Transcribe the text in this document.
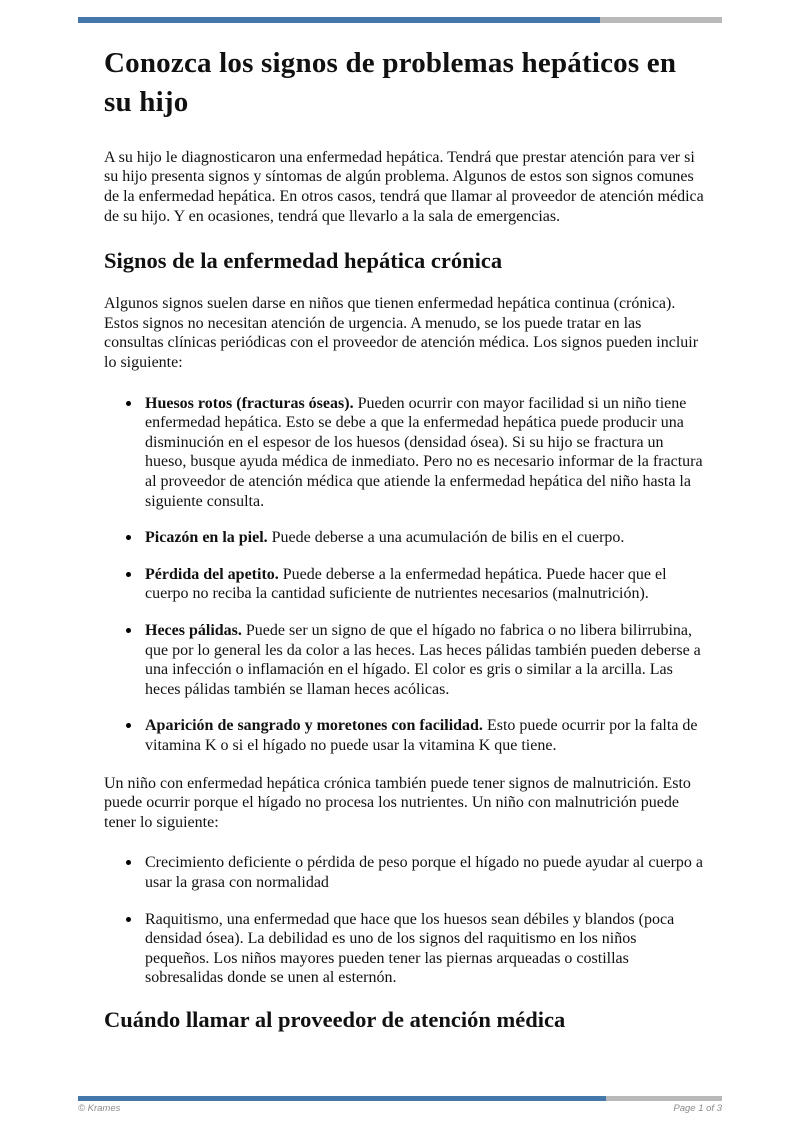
Conozca los signos de problemas hepáticos en su hijo

A su hijo le diagnosticaron una enfermedad hepática. Tendrá que prestar atención para ver si su hijo presenta signos y síntomas de algún problema. Algunos de estos son signos comunes de la enfermedad hepática. En otros casos, tendrá que llamar al proveedor de atención médica de su hijo. Y en ocasiones, tendrá que llevarlo a la sala de emergencias.

Signos de la enfermedad hepática crónica

Algunos signos suelen darse en niños que tienen enfermedad hepática continua (crónica). Estos signos no necesitan atención de urgencia. A menudo, se los puede tratar en las consultas clínicas periódicas con el proveedor de atención médica. Los signos pueden incluir lo siguiente:

Huesos rotos (fracturas óseas). Pueden ocurrir con mayor facilidad si un niño tiene enfermedad hepática. Esto se debe a que la enfermedad hepática puede producir una disminución en el espesor de los huesos (densidad ósea). Si su hijo se fractura un hueso, busque ayuda médica de inmediato. Pero no es necesario informar de la fractura al proveedor de atención médica que atiende la enfermedad hepática del niño hasta la siguiente consulta.
Picazón en la piel. Puede deberse a una acumulación de bilis en el cuerpo.
Pérdida del apetito. Puede deberse a la enfermedad hepática. Puede hacer que el cuerpo no reciba la cantidad suficiente de nutrientes necesarios (malnutrición).
Heces pálidas. Puede ser un signo de que el hígado no fabrica o no libera bilirrubina, que por lo general les da color a las heces. Las heces pálidas también pueden deberse a una infección o inflamación en el hígado. El color es gris o similar a la arcilla. Las heces pálidas también se llaman heces acólicas.
Aparición de sangrado y moretones con facilidad. Esto puede ocurrir por la falta de vitamina K o si el hígado no puede usar la vitamina K que tiene.

Un niño con enfermedad hepática crónica también puede tener signos de malnutrición. Esto puede ocurrir porque el hígado no procesa los nutrientes. Un niño con malnutrición puede tener lo siguiente:

Crecimiento deficiente o pérdida de peso porque el hígado no puede ayudar al cuerpo a usar la grasa con normalidad
Raquitismo, una enfermedad que hace que los huesos sean débiles y blandos (poca densidad ósea). La debilidad es uno de los signos del raquitismo en los niños pequeños. Los niños mayores pueden tener las piernas arqueadas o costillas sobresalidas donde se unen al esternón.
Cuándo llamar al proveedor de atención médica
© Krames	Page 1 of 3
